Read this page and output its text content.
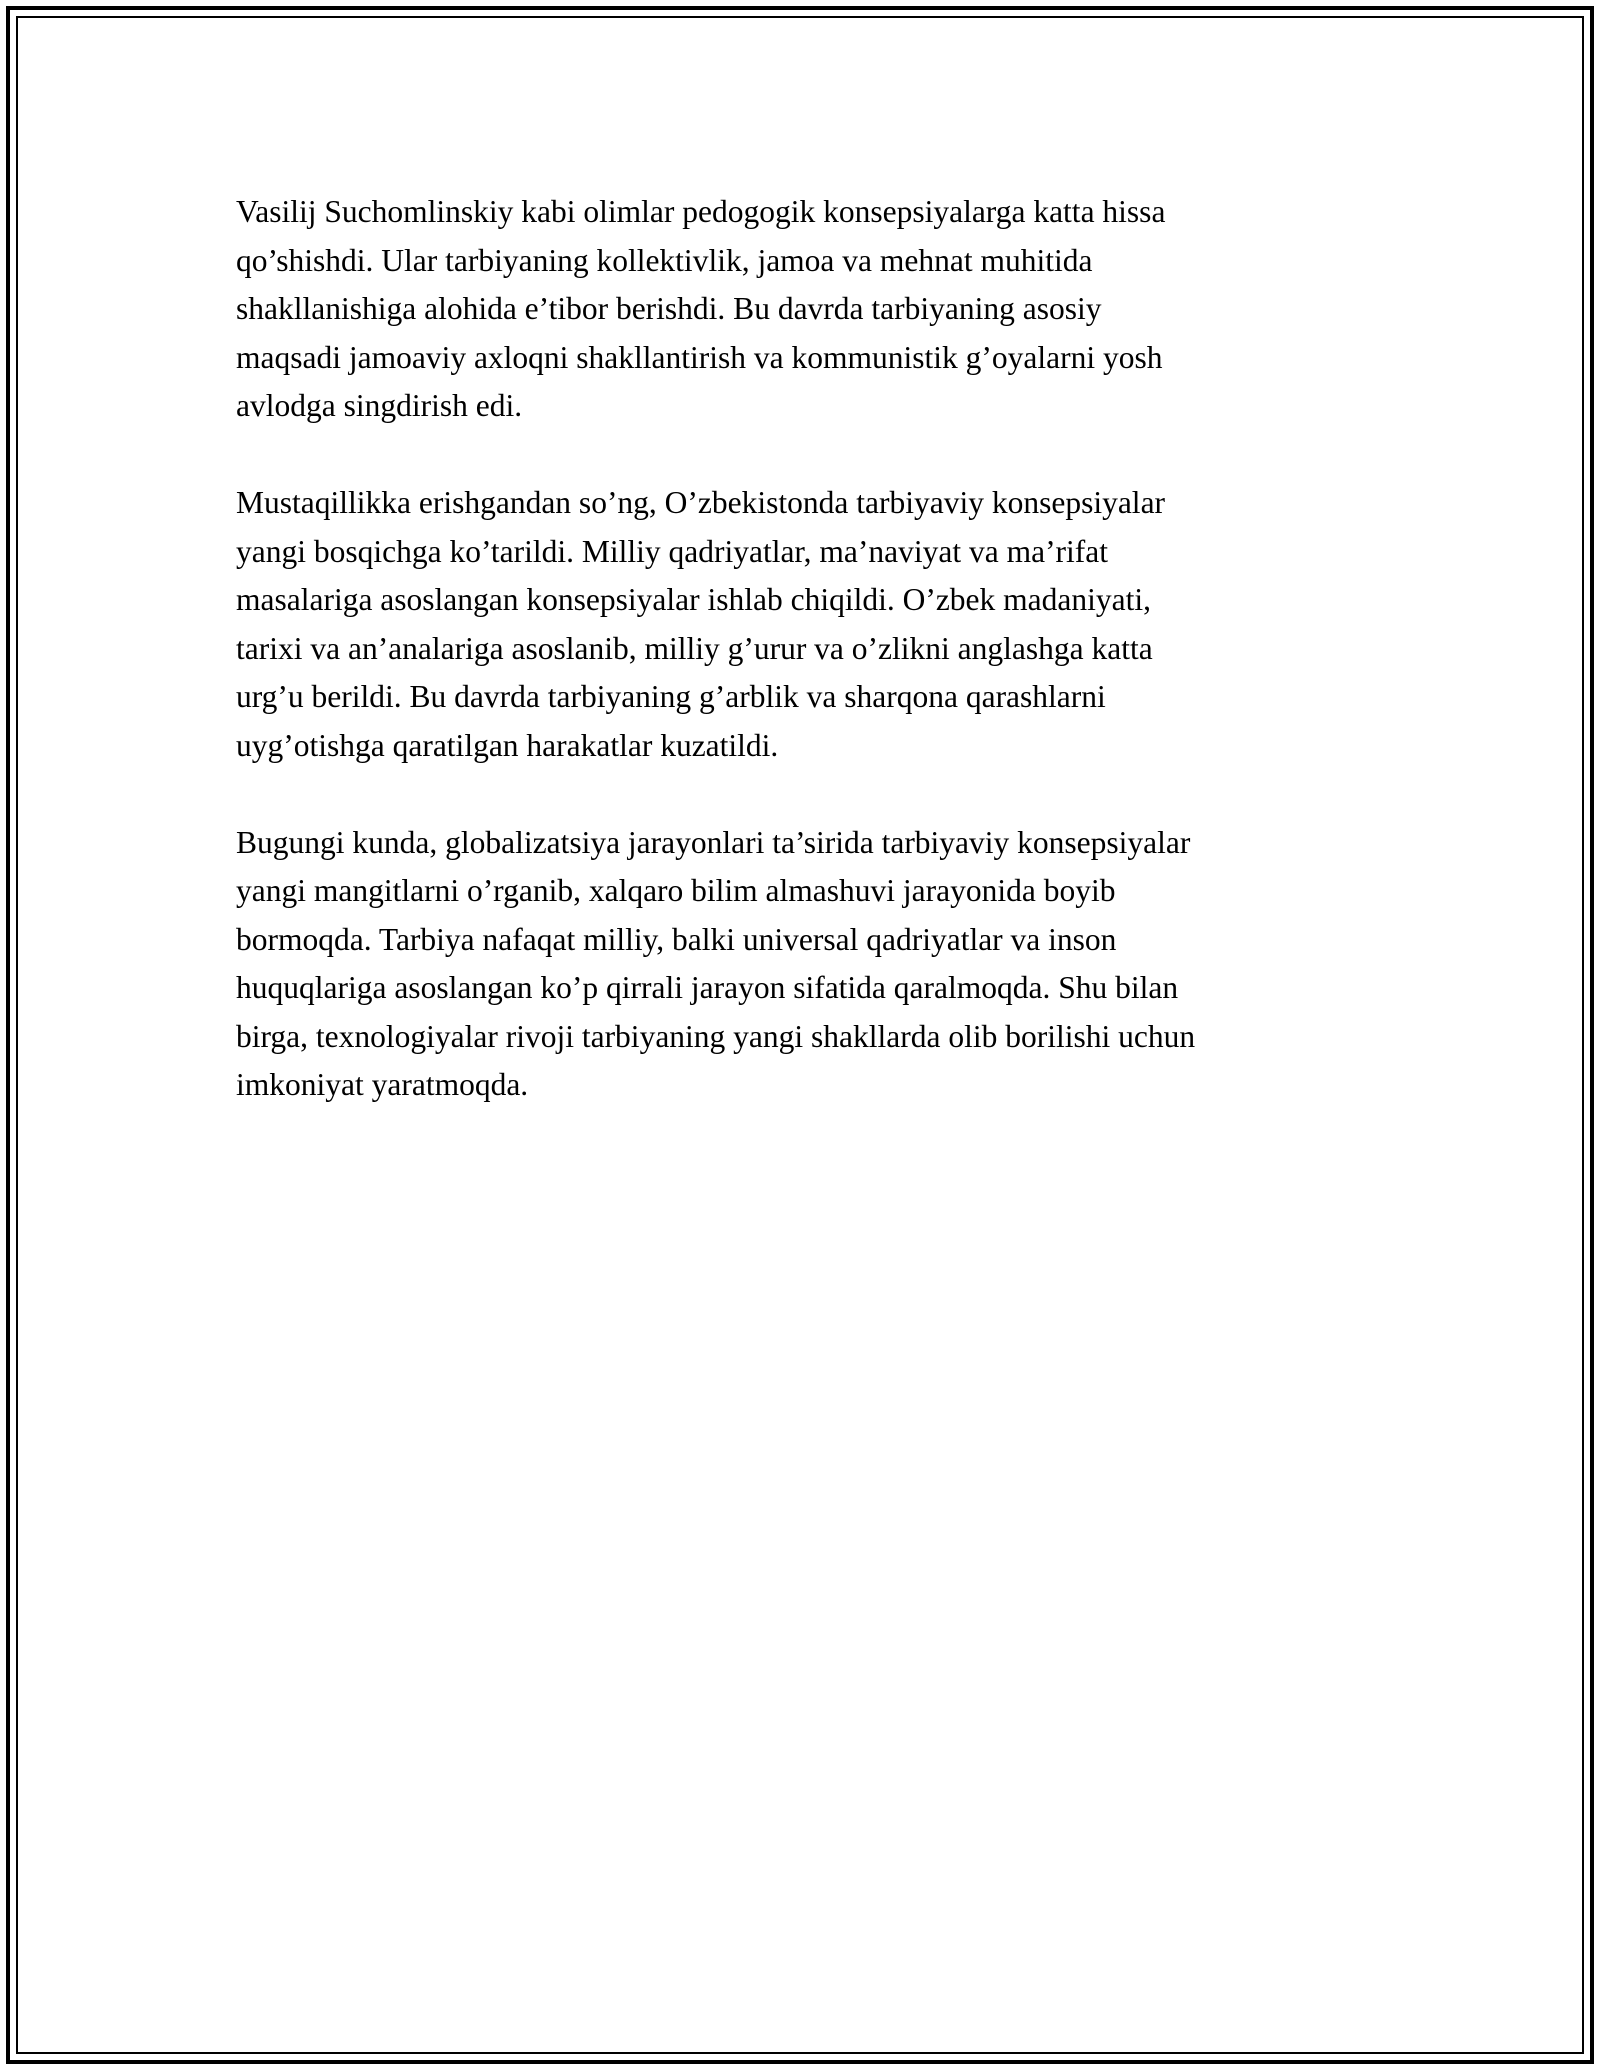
Vasilij Suchomlinskiy kabi olimlar pedogogik konsepsiyalarga katta hissa
qo’shishdi. Ular tarbiyaning kollektivlik, jamoa va mehnat muhitida
shakllanishiga alohida e’tibor berishdi. Bu davrda tarbiyaning asosiy
maqsadi jamoaviy axloqni shakllantirish va kommunistik g’oyalarni yosh
avlodga singdirish edi.

Mustaqillikka erishgandan so’ng, O’zbekistonda tarbiyaviy konsepsiyalar
yangi bosqichga ko’tarildi. Milliy qadriyatlar, ma’naviyat va ma’rifat
masalariga asoslangan konsepsiyalar ishlab chiqildi. O’zbek madaniyati,
tarixi va an’analariga asoslanib, milliy g’urur va o’zlikni anglashga katta
urg’u berildi. Bu davrda tarbiyaning g’arblik va sharqona qarashlarni
uyg’otishga qaratilgan harakatlar kuzatildi.

Bugungi kunda, globalizatsiya jarayonlari ta’sirida tarbiyaviy konsepsiyalar
yangi mangitlarni o’rganib, xalqaro bilim almashuvi jarayonida boyib
bormoqda. Tarbiya nafaqat milliy, balki universal qadriyatlar va inson
huquqlariga asoslangan ko’p qirrali jarayon sifatida qaralmoqda. Shu bilan
birga, texnologiyalar rivoji tarbiyaning yangi shakllarda olib borilishi uchun
imkoniyat yaratmoqda.
